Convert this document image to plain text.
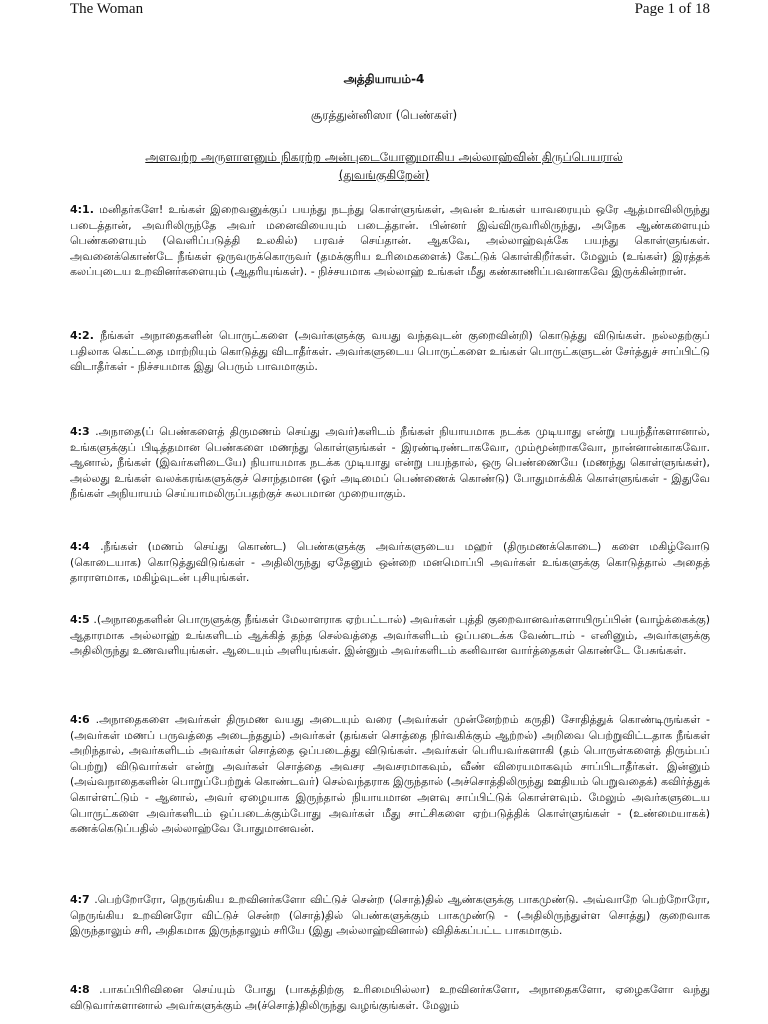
The Woman	Page 1 of 18
அத்தியாயம்-4
சூரத்துன்னிஸா (பெண்கள்)
அளவற்ற அருளாளனும் நிகரற்ற அன்புடையோனுமாகிய அல்லாஹ்வின் திருப்பெயரால்
(துவங்குகிறேன்)
4:1. மனிதர்களே! உங்கள் இறைவனுக்குப் பயந்து நடந்து கொள்ளுங்கள், அவன் உங்கள் யாவரையும் ஒரே ஆத்மாவிலிருந்து படைத்தான், அவரிலிருந்தே அவர் மனைவியையும் படைத்தான். பின்னர் இவ்விருவரிலிருந்து, அநேக ஆண்களையும் பெண்களையும் (வெளிப்படுத்தி உலகில்) பரவச் செய்தான். ஆகவே, அல்லாஹ்வுக்கே பயந்து கொள்ளுங்கள். அவனைக்கொண்டே நீங்கள் ஒருவருக்கொருவர் (தமக்குரிய உரிமைகளைக்) கேட்டுக் கொள்கிறீர்கள். மேலும் (உங்கள்) இரத்தக் கலப்புடைய உறவினர்களையும் (ஆதரியுங்கள்). - நிச்சயமாக அல்லாஹ் உங்கள் மீது கண்காணிப்பவனாகவே இருக்கின்றான்.
4:2. நீங்கள் அநாதைகளின் பொருட்களை (அவர்களுக்கு வயது வந்தவுடன் குறைவின்றி) கொடுத்து விடுங்கள். நல்லதற்குப் பதிலாக கெட்டதை மாற்றியும் கொடுத்து விடாதீர்கள். அவர்களுடைய பொருட்களை உங்கள் பொருட்களுடன் சேர்த்துச் சாப்பிட்டு விடாதீர்கள் - நிச்சயமாக இது பெரும் பாவமாகும்.
4:3 .அநாதை(ப் பெண்களைத் திருமணம் செய்து அவர்)களிடம் நீங்கள் நியாயமாக நடக்க முடியாது என்று பயந்தீர்களானால், உங்களுக்குப் பிடித்தமான பெண்களை மணந்து கொள்ளுங்கள் - இரண்டிரண்டாகவோ, மும்மூன்றாகவோ, நான்னான்காகவோ. ஆனால், நீங்கள் (இவர்களிடையே) நியாயமாக நடக்க முடியாது என்று பயந்தால், ஒரு பெண்ணையே (மணந்து கொள்ளுங்கள்), அல்லது உங்கள் வலக்கரங்களுக்குச் சொந்தமான (ஓர் அடிமைப் பெண்ணைக் கொண்டு) போதுமாக்கிக் கொள்ளுங்கள் - இதுவே நீங்கள் அநியாயம் செய்யாமலிருப்பதற்குச் சுலபமான முறையாகும்.
4:4 .நீங்கள் (மணம் செய்து கொண்ட) பெண்களுக்கு அவர்களுடைய மஹர் (திருமணக்கொடை) களை மகிழ்வோடு (கொடையாக) கொடுத்துவிடுங்கள் - அதிலிருந்து ஏதேனும் ஒன்றை மனமொப்பி அவர்கள் உங்களுக்கு கொடுத்தால் அதைத் தாராளமாக, மகிழ்வுடன் புசியுங்கள்.
4:5 .(அநாதைகளின் பொருளுக்கு நீங்கள் மேலாளராக ஏற்பட்டால்) அவர்கள் புத்தி குறைவானவர்களாயிருப்பின் (வாழ்க்கைக்கு) ஆதாரமாக அல்லாஹ் உங்களிடம் ஆக்கித் தந்த செல்வத்தை அவர்களிடம் ஒப்படைக்க வேண்டாம் - எனினும், அவர்களுக்கு அதிலிருந்து உணவளியுங்கள். ஆடையும் அளியுங்கள். இன்னும் அவர்களிடம் கனிவான வார்த்தைகள் கொண்டே பேசுங்கள்.
4:6 .அநாதைகளை அவர்கள் திருமண வயது அடையும் வரை (அவர்கள் முன்னேற்றம் கருதி) சோதித்துக் கொண்டிருங்கள் - (அவர்கள் மணப் பருவத்தை அடைந்ததும்) அவர்கள் (தங்கள் சொத்தை நிர்வகிக்கும் ஆற்றல்) அறிவை பெற்றுவிட்டதாக நீங்கள் அறிந்தால், அவர்களிடம் அவர்கள் சொத்தை ஒப்படைத்து விடுங்கள். அவர்கள் பெரியவர்களாகி (தம் பொருள்களைத் திரும்பப் பெற்று) விடுவார்கள் என்று அவர்கள் சொத்தை அவசர அவசரமாகவும், வீண் விரையமாகவும் சாப்பிடாதீர்கள். இன்னும் (அவ்வநாதைகளின் பொறுப்பேற்றுக் கொண்டவர்) செல்வந்தராக இருந்தால் (அச்சொத்திலிருந்து ஊதியம் பெறுவதைக்) கவிர்த்துக் கொள்ளட்டும் - ஆனால், அவர் ஏழையாக இருந்தால் நியாயமான அளவு சாப்பிட்டுக் கொள்ளவும். மேலும் அவர்களுடைய பொருட்களை அவர்களிடம் ஒப்படைக்கும்போது அவர்கள் மீது சாட்சிகளை ஏற்படுத்திக் கொள்ளுங்கள் - (உண்மையாகக்) கணக்கெடுப்பதில் அல்லாஹ்வே போதுமானவன்.
4:7 .பெற்றோரோ, நெருங்கிய உறவினர்களோ விட்டுச் சென்ற (சொத்)தில் ஆண்களுக்கு பாகமுண்டு. அவ்வாறே பெற்றோரோ, நெருங்கிய உறவினரோ விட்டுச் சென்ற (சொத்)தில் பெண்களுக்கும் பாகமுண்டு - (அதிலிருந்துள்ள சொத்து) குறைவாக இருந்தாலும் சரி, அதிகமாக இருந்தாலும் சரியே (இது அல்லாஹ்வினால்) விதிக்கப்பட்ட பாகமாகும்.
4:8 .பாகப்பிரிவினை செய்யும் போது (பாகத்திற்கு உரிமையில்லா) உறவினர்களோ, அநாதைகளோ, ஏழைகளோ வந்து விடுவார்களானால் அவர்களுக்கும் அ(ச்சொத்)திலிருந்து வழங்குங்கள். மேலும்
